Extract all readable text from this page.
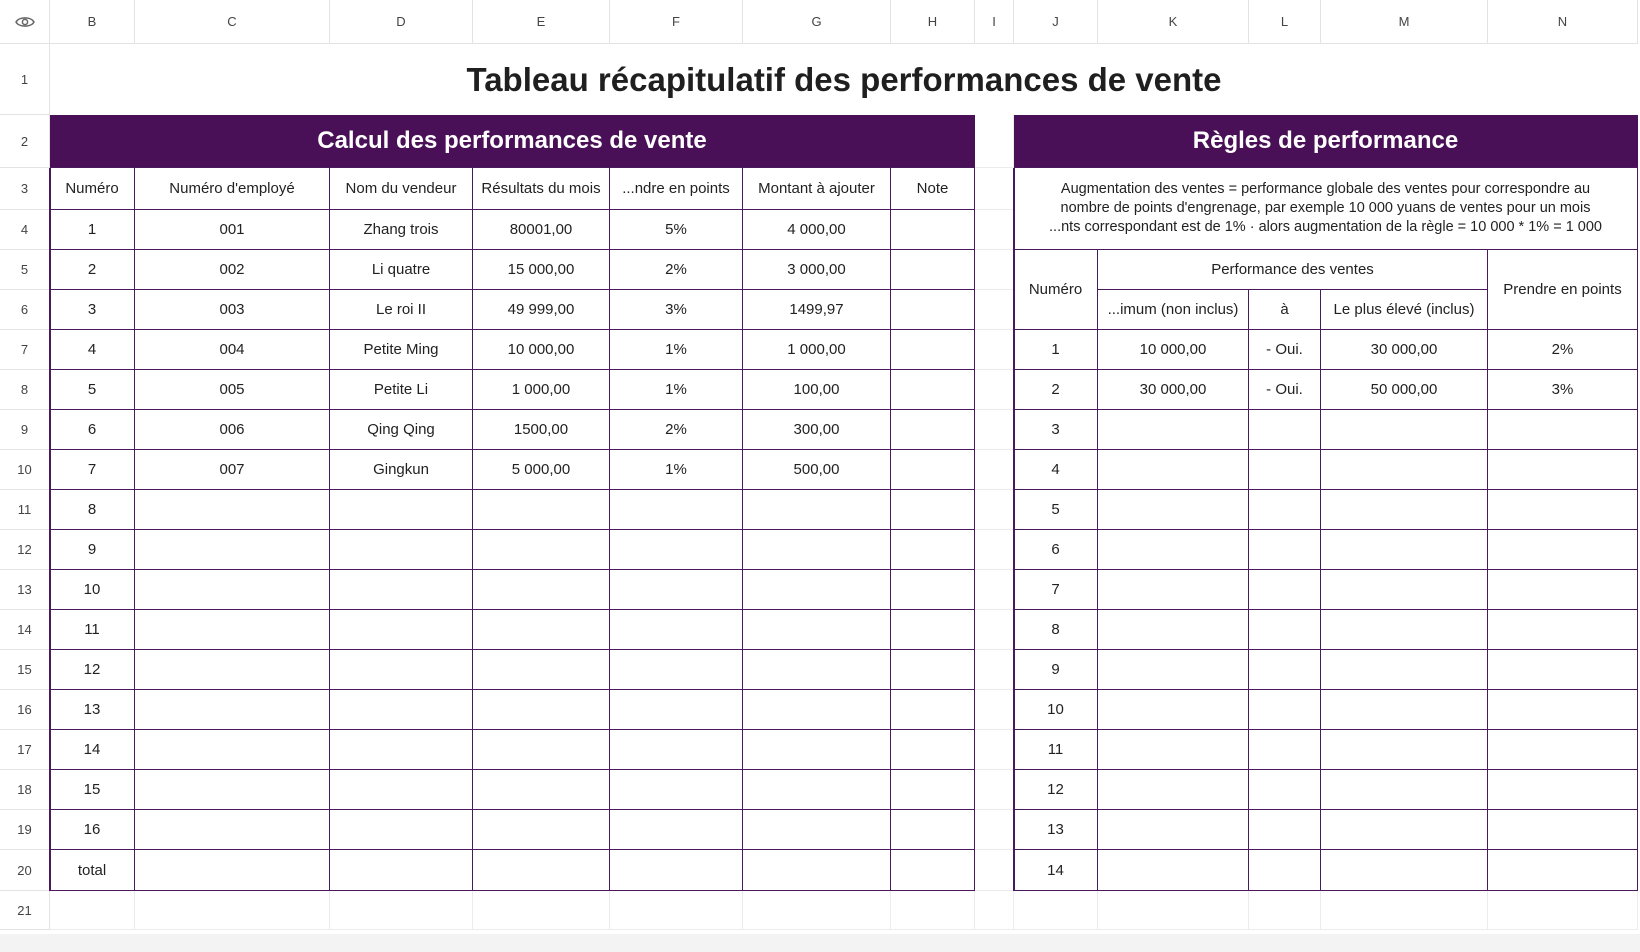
B	C	D	E	F	G	H	I	J	K	L	M	N
1
2
3
4
5
6
7
8
9
10
11
12
13
14
15
16
17
18
19
20
21
Tableau récapitulatif des performances de vente
Calcul des performances de vente
Numéro	Numéro d'employé	Nom du vendeur	Résultats du mois	...ndre en points	Montant à ajouter	Note
1	001	Zhang trois	80001,00	5%	4 000,00
2	002	Li quatre	15 000,00	2%	3 000,00
3	003	Le roi II	49 999,00	3%	1499,97
4	004	Petite Ming	10 000,00	1%	1 000,00
5	005	Petite Li	1 000,00	1%	100,00
6	006	Qing Qing	1500,00	2%	300,00
7	007	Gingkun	5 000,00	1%	500,00
8
9
10
11
12
13
14
15
16
total
Règles de performance
Augmentation des ventes = performance globale des ventes pour correspondre au
nombre de points d'engrenage, par exemple 10 000 yuans de ventes pour un mois
...nts correspondant est de 1% · alors augmentation de la règle = 10 000 * 1% = 1 000
Numéro
Performance des ventes
...imum (non inclus)	à	Le plus élevé (inclus)
Prendre en points
1	10 000,00	- Oui.	30 000,00	2%
2	30 000,00	- Oui.	50 000,00	3%
3
4
5
6
7
8
9
10
11
12
13
14
